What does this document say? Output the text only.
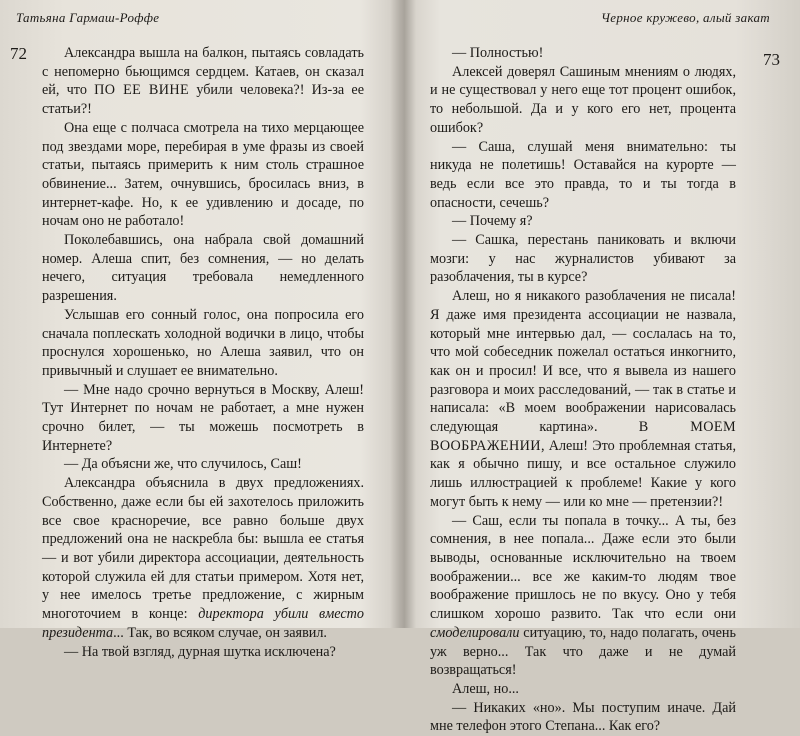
Татьяна Гармаш-Роффе
72	Александра вышла на балкон, пытаясь совладать с непомерно бьющимся сердцем. Катаев, он сказал ей, что ПО ЕЕ ВИНЕ убили человека?! Из-за ее статьи?!

Она еще с полчаса смотрела на тихо мерцающее под звездами море, перебирая в уме фразы из своей статьи, пытаясь примерить к ним столь страшное обвинение... Затем, очнувшись, бросилась вниз, в интернет-кафе. Но, к ее удивлению и досаде, по ночам оно не работало!

Поколебавшись, она набрала свой домашний номер. Алеша спит, без сомнения, — но делать нечего, ситуация требовала немедленного разрешения.

Услышав его сонный голос, она попросила его сначала поплескать холодной водички в лицо, чтобы проснулся хорошенько, но Алеша заявил, что он привычный и слушает ее внимательно.

— Мне надо срочно вернуться в Москву, Алеш! Тут Интернет по ночам не работает, а мне нужен срочно билет, — ты можешь посмотреть в Интернете?

— Да объясни же, что случилось, Саш!

Александра объяснила в двух предложениях. Собственно, даже если бы ей захотелось приложить все свое красноречие, все равно больше двух предложений она не наскребла бы: вышла ее статья — и вот убили директора ассоциации, деятельность которой служила ей для статьи примером. Хотя нет, у нее имелось третье предложение, с жирным многоточием в конце: директора убили вместо президента... Так, во всяком случае, он заявил.

— На твой взгляд, дурная шутка исключена?

Черное кружево, алый закат
73

— Полностью!

Алексей доверял Сашиным мнениям о людях, и не существовал у него еще тот процент ошибок, то небольшой. Да и у кого его нет, процента ошибок?

— Саша, слушай меня внимательно: ты никуда не полетишь! Оставайся на курорте — ведь если все это правда, то и ты тогда в опасности, сечешь?

— Почему я?

— Сашка, перестань паниковать и включи мозги: у нас журналистов убивают за разоблачения, ты в курсе?

Алеш, но я никакого разоблачения не писала! Я даже имя президента ассоциации не назвала, который мне интервью дал, — сослалась на то, что мой собеседник пожелал остаться инкогнито, как он и просил! И все, что я вывела из нашего разговора и моих расследований, — так в статье и написала: «В моем воображении нарисовалась следующая картина». В МОЕМ ВООБРАЖЕНИИ, Алеш! Это проблемная статья, как я обычно пишу, и все остальное служило лишь иллюстрацией к проблеме! Какие у кого могут быть к нему — или ко мне — претензии?!

— Саш, если ты попала в точку... А ты, без сомнения, в нее попала... Даже если это были выводы, основанные исключительно на твоем воображении... все же каким-то людям твое воображение пришлось не по вкусу. Оно у тебя слишком хорошо развито. Так что если они смоделировали ситуацию, то, надо полагать, очень уж верно... Так что даже и не думай возвращаться!

Алеш, но...

— Никаких «но». Мы поступим иначе. Дай мне телефон этого Степана... Как его?
